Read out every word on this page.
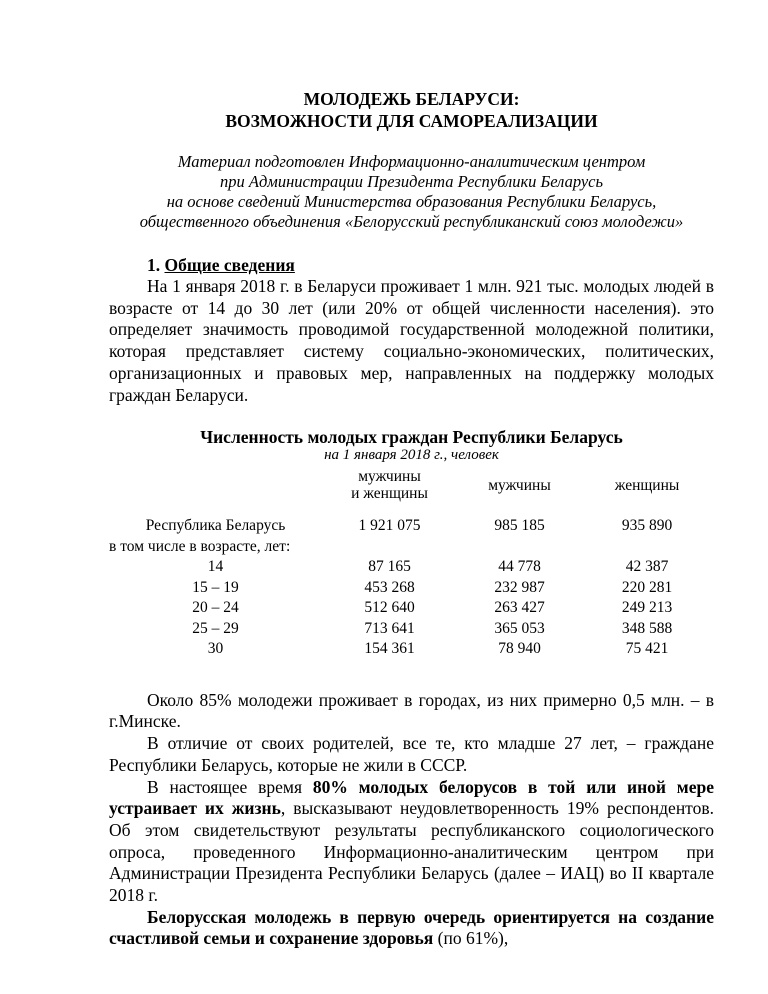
МОЛОДЕЖЬ БЕЛАРУСИ:

ВОЗМОЖНОСТИ ДЛЯ САМОРЕАЛИЗАЦИИ

Материал подготовлен Информационно-аналитическим центром
при Администрации Президента Республики Беларусь
на основе сведений Министерства образования Республики Беларусь,
общественного объединения «Белорусский республиканский союз молодежи»
1. Общие сведения

На 1 января 2018 г. в Беларуси проживает 1 млн. 921 тыс. молодых людей в возрасте от 14 до 30 лет (или 20% от общей численности населения). это определяет значимость проводимой государственной молодежной политики, которая представляет систему социально-экономических, политических, организационных и правовых мер, направленных на поддержку молодых граждан Беларуси.

Численность молодых граждан Республики Беларусь
на 1 января 2018 г., человек
	мужчины
и женщины	мужчины	женщины
Республика Беларусь	1 921 075	985 185	935 890
в том числе в возрасте, лет:			
14	87 165	44 778	42 387
15 – 19	453 268	232 987	220 281
20 – 24	512 640	263 427	249 213
25 – 29	713 641	365 053	348 588
30	154 361	78 940	75 421

Около 85% молодежи проживает в городах, из них примерно 0,5 млн. – в г.Минске.

В отличие от своих родителей, все те, кто младше 27 лет, – граждане Республики Беларусь, которые не жили в СССР.

В настоящее время 80% молодых белорусов в той или иной мере устраивает их жизнь, высказывают неудовлетворенность 19% респондентов. Об этом свидетельствуют результаты республиканского социологического опроса, проведенного Информационно-аналитическим центром при Администрации Президента Республики Беларусь (далее – ИАЦ) во II квартале 2018 г.

Белорусская молодежь в первую очередь ориентируется на создание счастливой семьи и сохранение здоровья (по 61%),
